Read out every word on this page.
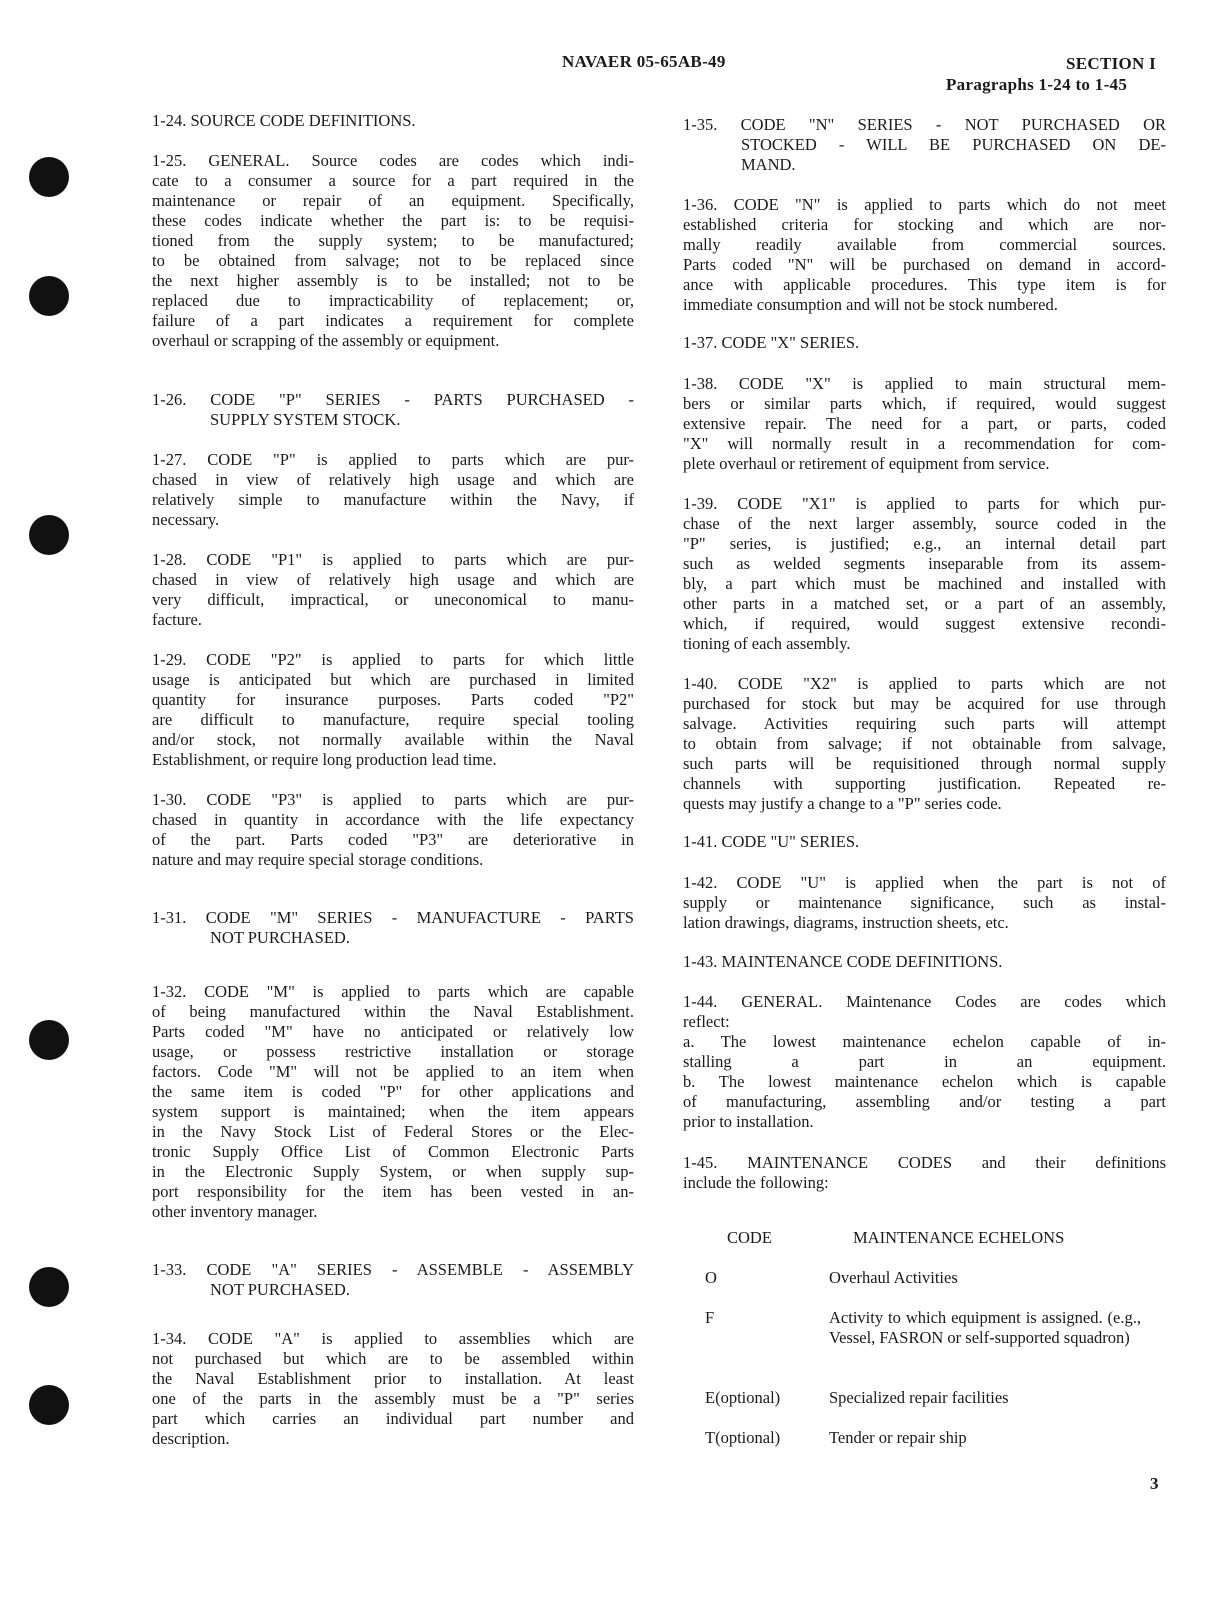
NAVAER 05-65AB-49	SECTION I
Paragraphs 1-24 to 1-45
1-24. SOURCE CODE DEFINITIONS.
1-25. GENERAL. Source codes are codes which indi-
cate to a consumer a source for a part required in the
maintenance or repair of an equipment. Specifically,
these codes indicate whether the part is: to be requisi-
tioned from the supply system; to be manufactured;
to be obtained from salvage; not to be replaced since
the next higher assembly is to be installed; not to be
replaced due to impracticability of replacement; or,
failure of a part indicates a requirement for complete
overhaul or scrapping of the assembly or equipment.
1-26. CODE "P" SERIES - PARTS PURCHASED -
SUPPLY SYSTEM STOCK.
1-27. CODE "P" is applied to parts which are pur-
chased in view of relatively high usage and which are
relatively simple to manufacture within the Navy, if
necessary.
1-28. CODE "P1" is applied to parts which are pur-
chased in view of relatively high usage and which are
very difficult, impractical, or uneconomical to manu-
facture.
1-29. CODE "P2" is applied to parts for which little
usage is anticipated but which are purchased in limited
quantity for insurance purposes. Parts coded "P2"
are difficult to manufacture, require special tooling
and/or stock, not normally available within the Naval
Establishment, or require long production lead time.
1-30. CODE "P3" is applied to parts which are pur-
chased in quantity in accordance with the life expectancy
of the part. Parts coded "P3" are deteriorative in
nature and may require special storage conditions.
1-31. CODE "M" SERIES - MANUFACTURE - PARTS
NOT PURCHASED.
1-32. CODE "M" is applied to parts which are capable
of being manufactured within the Naval Establishment.
Parts coded "M" have no anticipated or relatively low
usage, or possess restrictive installation or storage
factors. Code "M" will not be applied to an item when
the same item is coded "P" for other applications and
system support is maintained; when the item appears
in the Navy Stock List of Federal Stores or the Elec-
tronic Supply Office List of Common Electronic Parts
in the Electronic Supply System, or when supply sup-
port responsibility for the item has been vested in an-
other inventory manager.
1-33. CODE "A" SERIES - ASSEMBLE - ASSEMBLY
NOT PURCHASED.
1-34. CODE "A" is applied to assemblies which are
not purchased but which are to be assembled within
the Naval Establishment prior to installation. At least
one of the parts in the assembly must be a "P" series
part which carries an individual part number and
description.
1-35. CODE "N" SERIES - NOT PURCHASED OR
STOCKED - WILL BE PURCHASED ON DE-
MAND.
1-36. CODE "N" is applied to parts which do not meet
established criteria for stocking and which are nor-
mally readily available from commercial sources.
Parts coded "N" will be purchased on demand in accord-
ance with applicable procedures. This type item is for
immediate consumption and will not be stock numbered.
1-37. CODE "X" SERIES.
1-38. CODE "X" is applied to main structural mem-
bers or similar parts which, if required, would suggest
extensive repair. The need for a part, or parts, coded
"X" will normally result in a recommendation for com-
plete overhaul or retirement of equipment from service.
1-39. CODE "X1" is applied to parts for which pur-
chase of the next larger assembly, source coded in the
"P" series, is justified; e.g., an internal detail part
such as welded segments inseparable from its assem-
bly, a part which must be machined and installed with
other parts in a matched set, or a part of an assembly,
which, if required, would suggest extensive recondi-
tioning of each assembly.
1-40. CODE "X2" is applied to parts which are not
purchased for stock but may be acquired for use through
salvage. Activities requiring such parts will attempt
to obtain from salvage; if not obtainable from salvage,
such parts will be requisitioned through normal supply
channels with supporting justification. Repeated re-
quests may justify a change to a "P" series code.
1-41. CODE "U" SERIES.
1-42. CODE "U" is applied when the part is not of
supply or maintenance significance, such as instal-
lation drawings, diagrams, instruction sheets, etc.
1-43. MAINTENANCE CODE DEFINITIONS.
1-44. GENERAL. Maintenance Codes are codes which
reflect:
a. The lowest maintenance echelon capable of in-
stalling a part in an equipment.
b. The lowest maintenance echelon which is capable
of manufacturing, assembling and/or testing a part
prior to installation.
1-45. MAINTENANCE CODES and their definitions
include the following:
CODE	MAINTENANCE ECHELONS
O	Overhaul Activities
F	Activity to which equipment is assigned. (e.g., Vessel, FASRON or self-supported squadron)
E(optional)	Specialized repair facilities
T(optional)	Tender or repair ship
3
